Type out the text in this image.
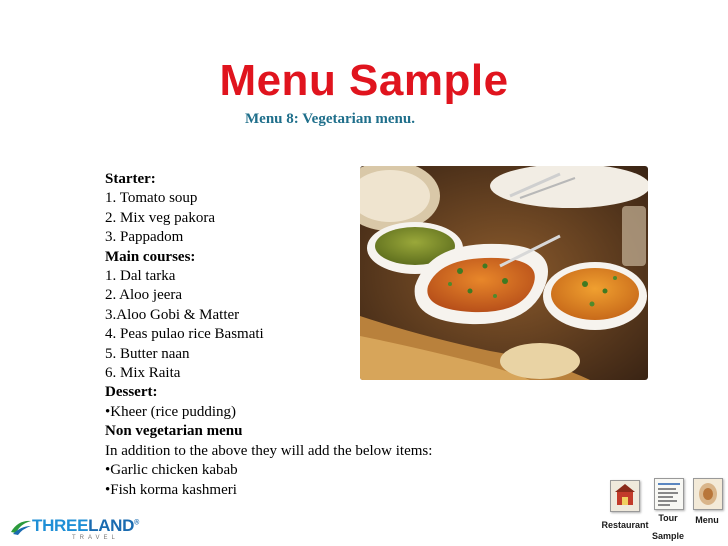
Menu Sample
Menu 8: Vegetarian menu.
Starter:
1. Tomato soup
2. Mix veg pakora
3. Pappadom
Main courses:
1. Dal tarka
2. Aloo jeera
3.Aloo Gobi & Matter
4. Peas pulao rice Basmati
5. Butter naan
6. Mix Raita
Dessert:
•Kheer (rice pudding)
Non vegetarian menu
In addition to the above they will add the below items:
•Garlic chicken kabab
•Fish korma kashmeri
THREELAND®
TRAVEL
Restaurant
Tour
Sample
Menu
